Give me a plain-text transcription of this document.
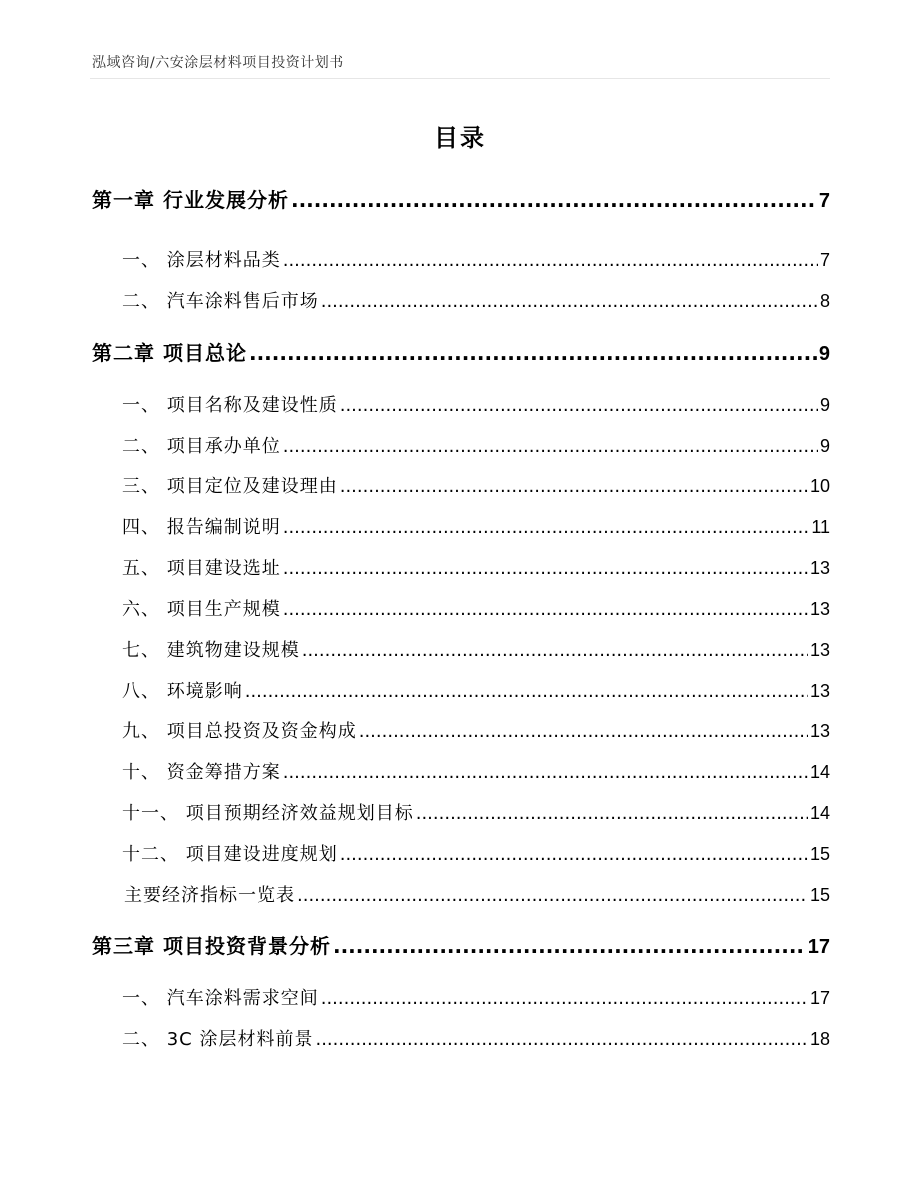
泓域咨询/六安涂层材料项目投资计划书
目录
第一章 行业发展分析 .....	7
一、 涂层材料品类 .....	7
二、 汽车涂料售后市场 .....	8
第二章 项目总论 .....	9
一、 项目名称及建设性质 .....	9
二、 项目承办单位 .....	9
三、 项目定位及建设理由 .....	10
四、 报告编制说明 .....	11
五、 项目建设选址 .....	13
六、 项目生产规模 .....	13
七、 建筑物建设规模 .....	13
八、 环境影响 .....	13
九、 项目总投资及资金构成 .....	13
十、 资金筹措方案 .....	14
十一、 项目预期经济效益规划目标 .....	14
十二、 项目建设进度规划 .....	15
主要经济指标一览表 .....	15
第三章 项目投资背景分析 .....	17
一、 汽车涂料需求空间 .....	17
二、 3C 涂层材料前景 .....	18
